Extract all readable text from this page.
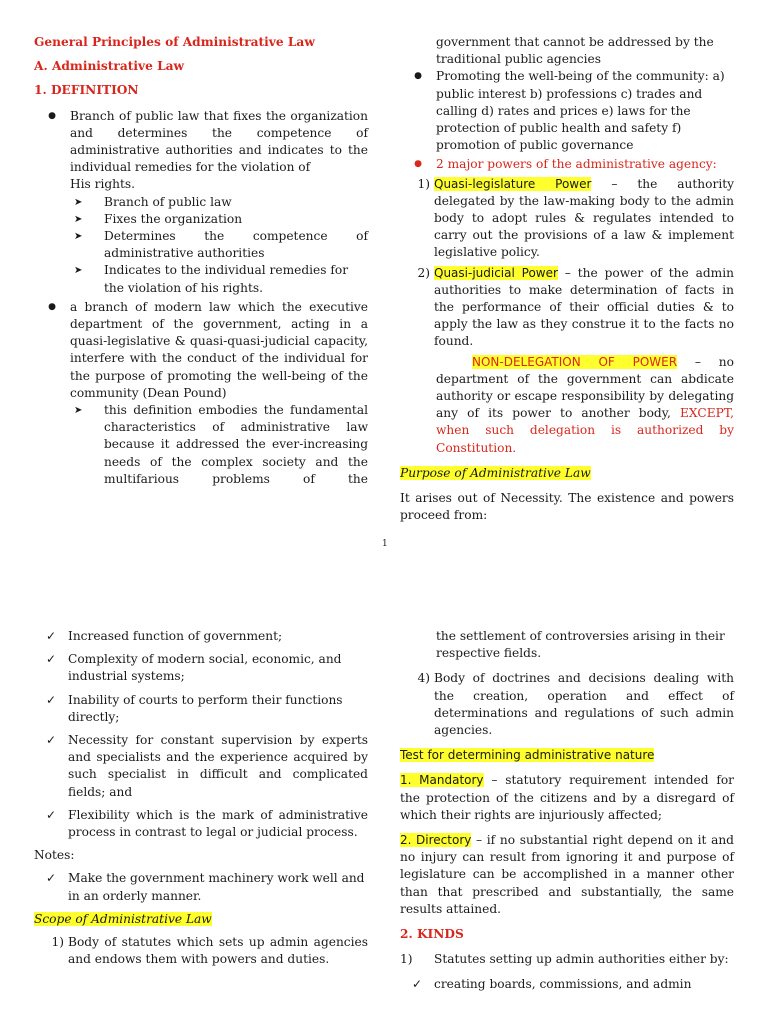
General Principles of Administrative Law
A. Administrative Law
1. DEFINITION
●	Branch of public law that fixes the organization and determines the competence of administrative authorities and indicates to the individual remedies for the violation of
His rights.
➤	Branch of public law
➤	Fixes the organization
➤	Determines the competence of administrative authorities
➤	Indicates to the individual remedies for the violation of his rights.
●	a branch of modern law which the executive department of the government, acting in a quasi-legislative & quasi-quasi-judicial capacity, interfere with the conduct of the individual for the purpose of promoting the well-being of the community (Dean Pound)
➤	this definition embodies the fundamental characteristics of administrative law because it addressed the ever-increasing needs of the complex society and the multifarious problems of the
government that cannot be addressed by the traditional public agencies
●	Promoting the well-being of the community: a) public interest b) professions c) trades and calling d) rates and prices e) laws for the protection of public health and safety f) promotion of public governance
●	2 major powers of the administrative agency:
1) Quasi-legislature Power – the authority delegated by the law-making body to the admin body to adopt rules & regulates intended to carry out the provisions of a law & implement legislative policy.
2) Quasi-judicial Power – the power of the admin authorities to make determination of facts in the performance of their official duties & to apply the law as they construe it to the facts no found.
NON-DELEGATION OF POWER – no department of the government can abdicate authority or escape responsibility by delegating any of its power to another body, EXCEPT, when such delegation is authorized by Constitution.
Purpose of Administrative Law
It arises out of Necessity. The existence and powers proceed from:
1
✓ Increased function of government;
✓ Complexity of modern social, economic, and industrial systems;
✓ Inability of courts to perform their functions directly;
✓ Necessity for constant supervision by experts and specialists and the experience acquired by such specialist in difficult and complicated fields; and
✓ Flexibility which is the mark of administrative process in contrast to legal or judicial process.
Notes:
✓ Make the government machinery work well and in an orderly manner.
Scope of Administrative Law
1) Body of statutes which sets up admin agencies and endows them with powers and duties.
the settlement of controversies arising in their respective fields.
4) Body of doctrines and decisions dealing with the creation, operation and effect of determinations and regulations of such admin agencies.
Test for determining administrative nature
1. Mandatory – statutory requirement intended for the protection of the citizens and by a disregard of which their rights are injuriously affected;
2. Directory – if no substantial right depend on it and no injury can result from ignoring it and purpose of legislature can be accomplished in a manner other than that prescribed and substantially, the same results attained.
2. KINDS
1)	Statutes setting up admin authorities either by:
✓ creating boards, commissions, and admin
